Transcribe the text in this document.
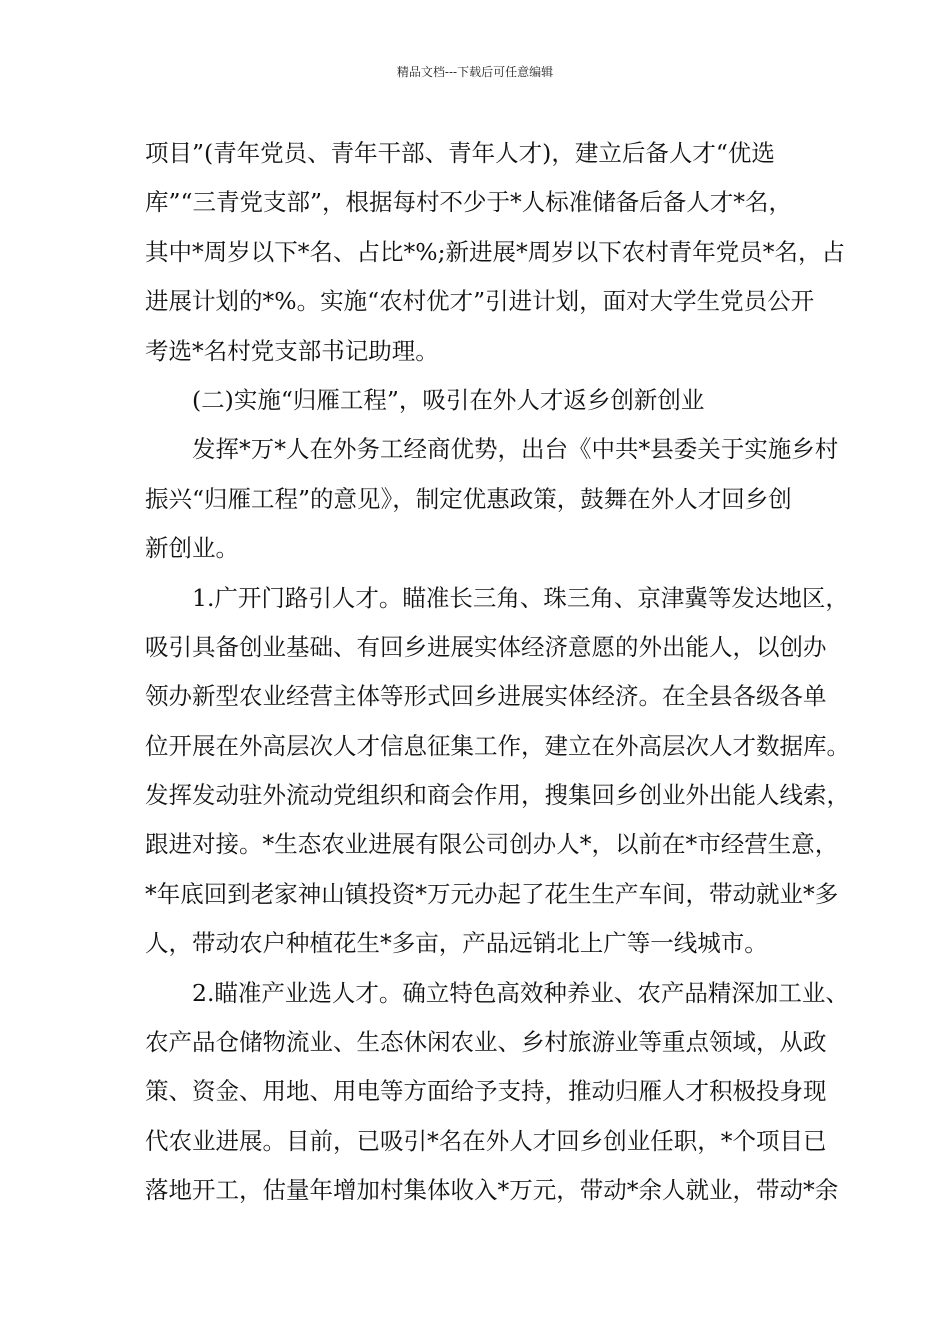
精品文档---下载后可任意编辑
项目”(青年党员、青年干部、青年人才)，建立后备人才“优选
库”“三青党支部”，根据每村不少于*人标准储备后备人才*名，
其中*周岁以下*名、占比*%;新进展*周岁以下农村青年党员*名，占
进展计划的*%。实施“农村优才”引进计划，面对大学生党员公开
考选*名村党支部书记助理。
(二)实施“归雁工程”，吸引在外人才返乡创新创业
发挥*万*人在外务工经商优势，出台《中共*县委关于实施乡村
振兴“归雁工程”的意见》，制定优惠政策，鼓舞在外人才回乡创
新创业。
1.广开门路引人才。瞄准长三角、珠三角、京津冀等发达地区，
吸引具备创业基础、有回乡进展实体经济意愿的外出能人，以创办
领办新型农业经营主体等形式回乡进展实体经济。在全县各级各单
位开展在外高层次人才信息征集工作，建立在外高层次人才数据库。
发挥发动驻外流动党组织和商会作用，搜集回乡创业外出能人线索，
跟进对接。*生态农业进展有限公司创办人*，以前在*市经营生意，
*年底回到老家神山镇投资*万元办起了花生生产车间，带动就业*多
人，带动农户种植花生*多亩，产品远销北上广等一线城市。
2.瞄准产业选人才。确立特色高效种养业、农产品精深加工业、
农产品仓储物流业、生态休闲农业、乡村旅游业等重点领域，从政
策、资金、用地、用电等方面给予支持，推动归雁人才积极投身现
代农业进展。目前，已吸引*名在外人才回乡创业任职，*个项目已
落地开工，估量年增加村集体收入*万元，带动*余人就业，带动*余
